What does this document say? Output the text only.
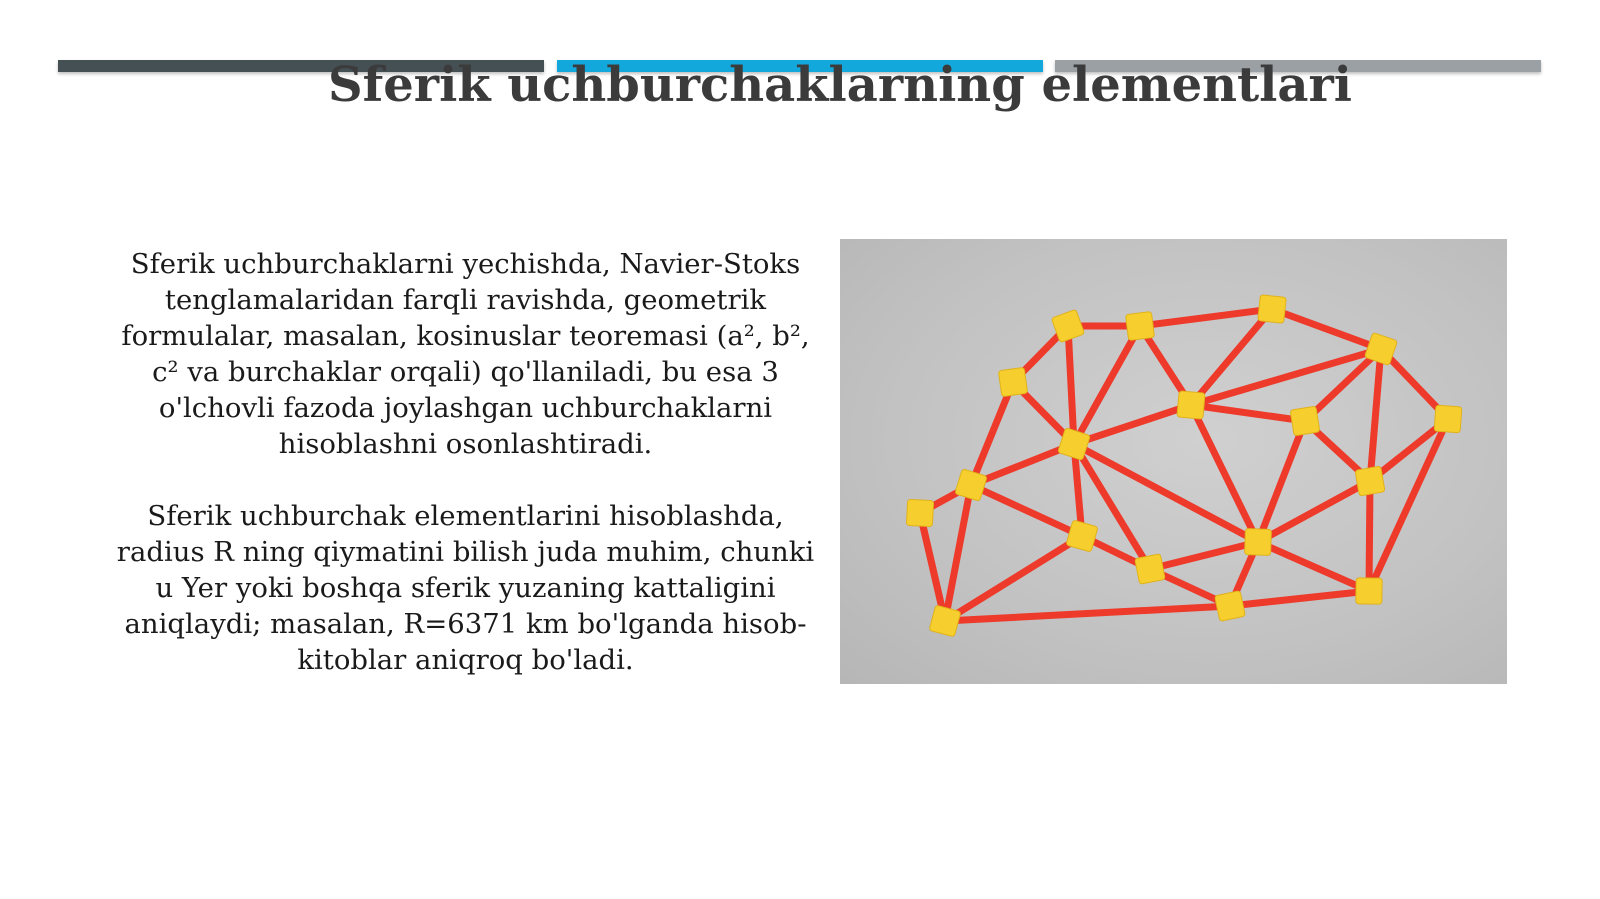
Sferik uchburchaklarning elementlari

Sferik uchburchaklarni yechishda, Navier-Stoks tenglamalaridan farqli ravishda, geometrik formulalar, masalan, kosinuslar teoremasi (a², b², c² va burchaklar orqali) qo'llaniladi, bu esa 3 o'lchovli fazoda joylashgan uchburchaklarni hisoblashni osonlashtiradi.

Sferik uchburchak elementlarini hisoblashda, radius R ning qiymatini bilish juda muhim, chunki u Yer yoki boshqa sferik yuzaning kattaligini aniqlaydi; masalan, R=6371 km bo'lganda hisob-kitoblar aniqroq bo'ladi.
